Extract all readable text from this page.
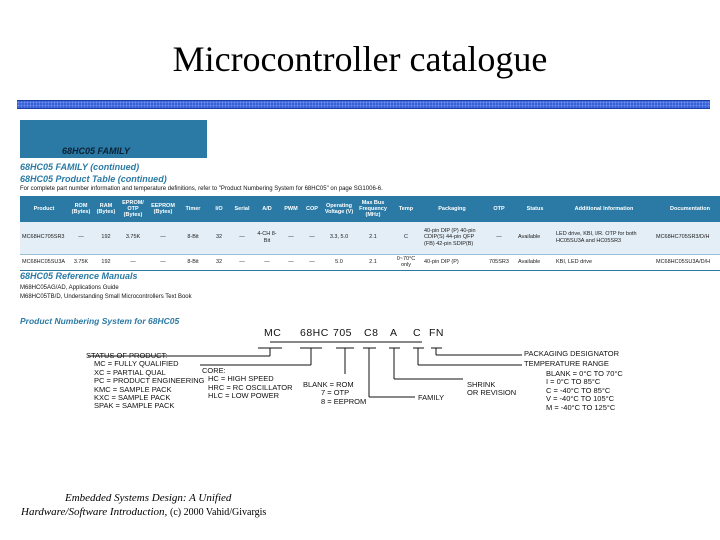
Microcontroller catalogue
68HC05 FAMILY
68HC05 FAMILY (continued)
68HC05 Product Table (continued)
For complete part number information and temperature definitions, refer to "Product Numbering System for 68HC05" on page SG1006-6.
Product	ROM (Bytes)	RAM (Bytes)	EPROM/ OTP (Bytes)	EEPROM (Bytes)	Timer	I/O	Serial	A/D	PWM	COP	Operating Voltage (V)	Max Bus Frequency (MHz)	Temp	Packaging	OTP	Status	Additional Information	Documentation
MC68HC705SR3	—	192	3.75K	—	8-Bit	32	—	4-CH 8-Bit	—	—	3.3, 5.0	2.1	C	40-pin DIP (P) 40-pin CDIP(S) 44-pin QFP (FB) 42-pin SDIP(B)	—	Available	LED drive, KBI, I/R. OTP for both HC05SU3A and HC05SR3	MC68HC705SR3/D/H
MC68HC05SU3A	3.75K	192	—	—	8-Bit	32	—	—	—	—	5.0	2.1	0~70°C only	40-pin DIP (P)	705SR3	Available	KBI, LED drive	MC68HC05SU3A/D/H
68HC05 Reference Manuals
M68HC05AG/AD, Applications Guide
M68HC05TB/D, Understanding Small Microcontrollers Text Book
Product Numbering System for 68HC05
MC 68HC 705 C8 A C FN
PACKAGING DESIGNATOR
TEMPERATURE RANGE
BLANK = 0°C TO 70°C
I = 0°C TO 85°C
C = -40°C TO 85°C
V = -40°C TO 105°C
M = -40°C TO 125°C
STATUS OF PRODUCT:-
MC = FULLY QUALIFIED
XC = PARTIAL QUAL
PC = PRODUCT ENGINEERING
KMC = SAMPLE PACK
KXC = SAMPLE PACK
SPAK = SAMPLE PACK
CORE:
HC = HIGH SPEED
HRC = RC OSCILLATOR
HLC = LOW POWER
BLANK = ROM
7 = OTP
8 = EEPROM	FAMILY
SHRINK
OR REVISION
Embedded Systems Design: A Unified
Hardware/Software Introduction, (c) 2000 Vahid/Givargis
